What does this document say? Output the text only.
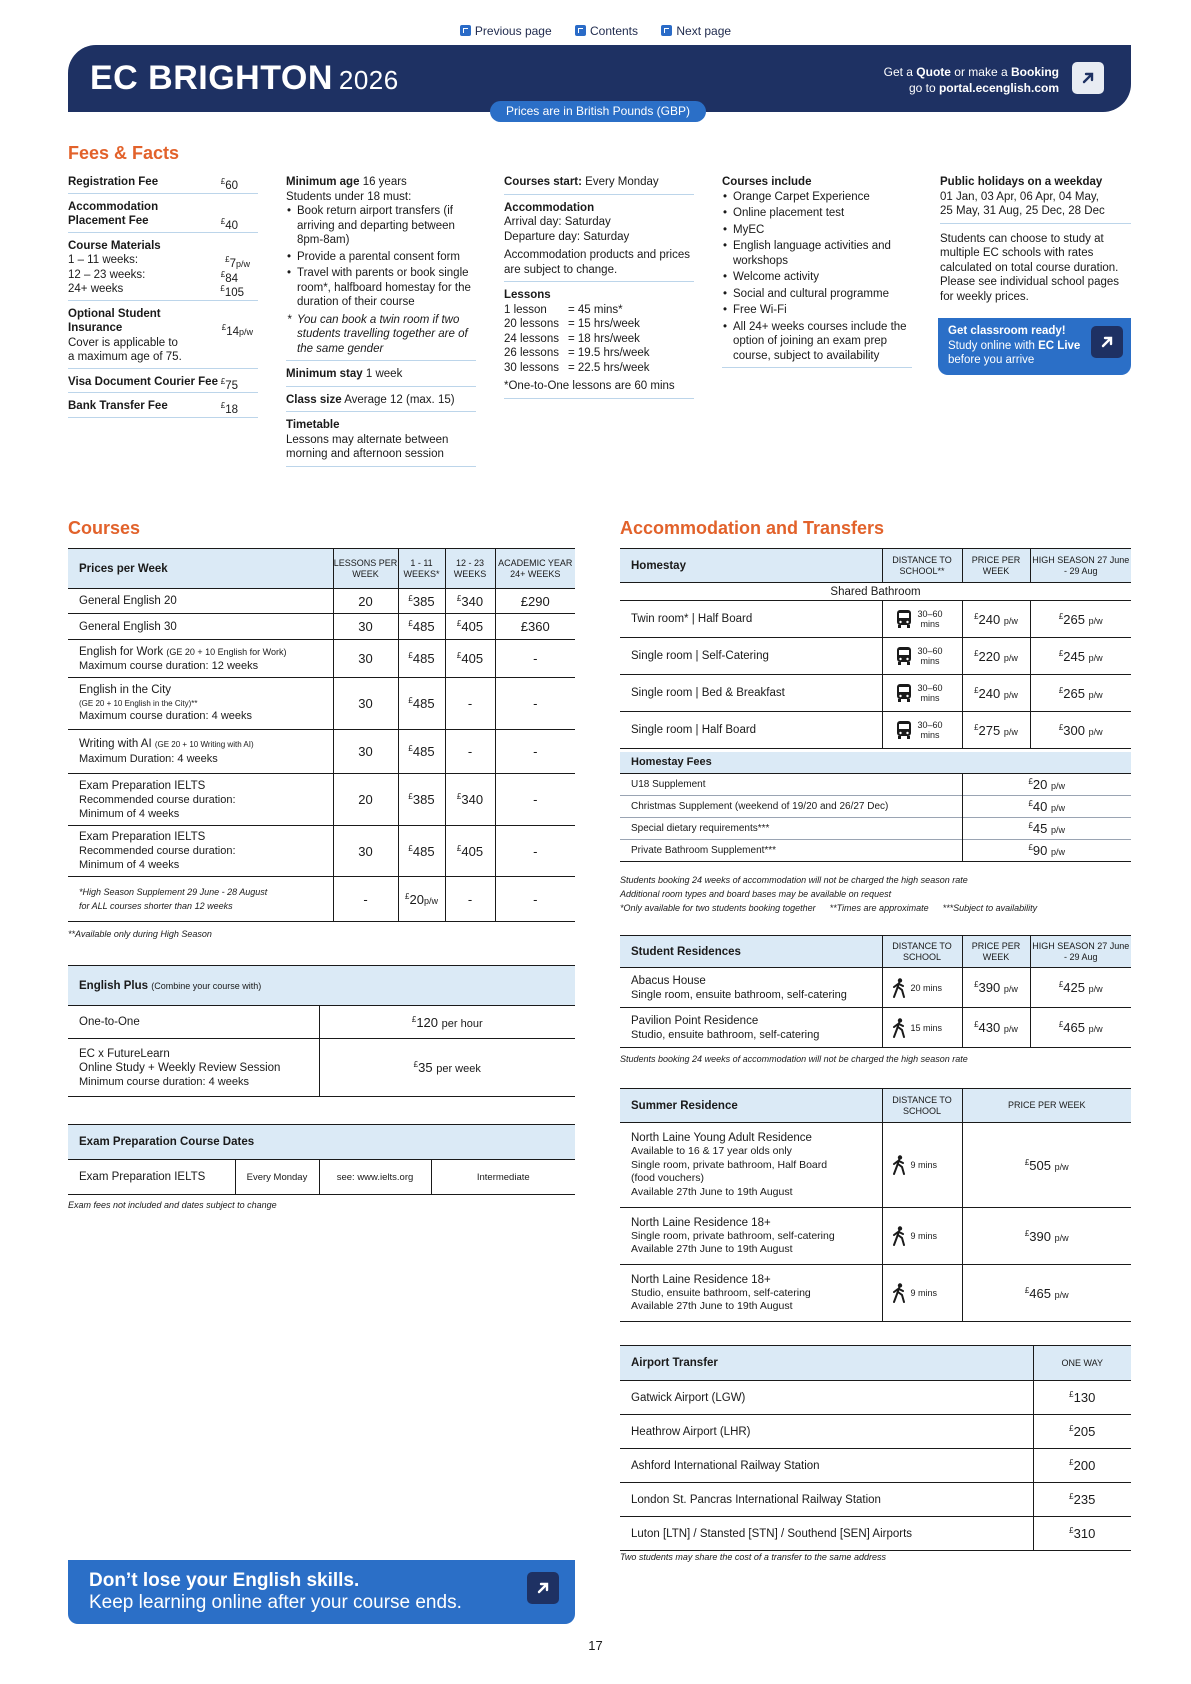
Previous page	Contents	Next page
EC BRIGHTON 2026	Get a Quote or make a Booking
go to portal.ecenglish.com
Prices are in British Pounds (GBP)
Fees & Facts
Registration Fee	£60
Accommodation
Placement Fee	£40
Course Materials
1 – 11 weeks:	£7p/w
12 – 23 weeks:	£84
24+ weeks	£105
Optional Student
Insurance	£14p/w

Cover is applicable to
a maximum age of 75.
Visa Document Courier Fee £75
Bank Transfer Fee	£18
Minimum age 16 years
Students under 18 must:
• Book return airport transfers (if arriving and departing between 8pm-8am)
• Provide a parental consent form
• Travel with parents or book single room*, halfboard homestay for the duration of their course
* You can book a twin room if two students travelling together are of the same gender
Minimum stay 1 week
Class size Average 12 (max. 15)
Timetable
Lessons may alternate between morning and afternoon session
Courses start: Every Monday
Accommodation
Arrival day: Saturday
Departure day: Saturday
Accommodation products and prices are subject to change.
Lessons
1 lesson = 45 mins*
20 lessons = 15 hrs/week
24 lessons = 18 hrs/week
26 lessons = 19.5 hrs/week
30 lessons = 22.5 hrs/week
*One-to-One lessons are 60 mins
Courses include
• Orange Carpet Experience
• Online placement test
• MyEC
• English language activities and workshops
• Welcome activity
• Social and cultural programme
• Free Wi-Fi
• All 24+ weeks courses include the option of joining an exam prep course, subject to availability
Public holidays on a weekday
01 Jan, 03 Apr, 06 Apr, 04 May,
25 May, 31 Aug, 25 Dec, 28 Dec
Students can choose to study at multiple EC schools with rates calculated on total course duration. Please see individual school pages for weekly prices.
Get classroom ready!
Study online with EC Live
before you arrive
Courses
Prices per Week	LESSONS PER WEEK	1 - 11 WEEKS*	12 - 23 WEEKS	ACADEMIC YEAR 24+ WEEKS
General English 20	20	£385	£340	£290
General English 30	30	£485	£405	£360
English for Work (GE 20 + 10 English for Work)
Maximum course duration: 12 weeks	30	£485	£405	-
English in the City
(GE 20 + 10 English in the City)**
Maximum course duration: 4 weeks	30	£485	-	-
Writing with AI (GE 20 + 10 Writing with AI)
Maximum Duration: 4 weeks	30	£485	-	-
Exam Preparation IELTS
Recommended course duration:
Minimum of 4 weeks	20	£385	£340	-
Exam Preparation IELTS
Recommended course duration:
Minimum of 4 weeks	30	£485	£405	-
*High Season Supplement 29 June - 28 August
for ALL courses shorter than 12 weeks	-	£20p/w	-	-
**Available only during High Season
English Plus (Combine your course with)	
One-to-One	£120 per hour
EC x FutureLearn
Online Study + Weekly Review Session
Minimum course duration: 4 weeks	£35 per week
Exam Preparation Course Dates
Exam Preparation IELTS	Every Monday	see: www.ielts.org	Intermediate
Exam fees not included and dates subject to change
Accommodation and Transfers
Homestay	DISTANCE TO SCHOOL**	PRICE PER WEEK	HIGH SEASON 27 June - 29 Aug
Shared Bathroom			
Twin room* | Half Board	30–60
mins	£240 p/w	£265 p/w
Single room | Self-Catering	30–60
mins	£220 p/w	£245 p/w
Single room | Bed & Breakfast	30–60
mins	£240 p/w	£265 p/w
Single room | Half Board	30–60
mins	£275 p/w	£300 p/w
Homestay Fees	
U18 Supplement	£20 p/w
Christmas Supplement (weekend of 19/20 and 26/27 Dec)	£40 p/w
Special dietary requirements***	£45 p/w
Private Bathroom Supplement***	£90 p/w
Students booking 24 weeks of accommodation will not be charged the high season rate
Additional room types and board bases may be available on request
*Only available for two students booking together **Times are approximate ***Subject to availability
Student Residences	DISTANCE TO SCHOOL	PRICE PER WEEK	HIGH SEASON 27 June - 29 Aug
Abacus House
Single room, ensuite bathroom, self-catering	20 mins	£390 p/w	£425 p/w
Pavilion Point Residence
Studio, ensuite bathroom, self-catering	15 mins	£430 p/w	£465 p/w
Students booking 24 weeks of accommodation will not be charged the high season rate
Summer Residence	DISTANCE TO SCHOOL	PRICE PER WEEK
North Laine Young Adult Residence
Available to 16 & 17 year olds only
Single room, private bathroom, Half Board
(food vouchers)
Available 27th June to 19th August	9 mins	£505 p/w
North Laine Residence 18+
Single room, private bathroom, self-catering
Available 27th June to 19th August	9 mins	£390 p/w
North Laine Residence 18+
Studio, ensuite bathroom, self-catering
Available 27th June to 19th August	9 mins	£465 p/w
Airport Transfer	ONE WAY
Gatwick Airport (LGW)	£130
Heathrow Airport (LHR)	£205
Ashford International Railway Station	£200
London St. Pancras International Railway Station	£235
Luton [LTN] / Stansted [STN] / Southend [SEN] Airports	£310
Two students may share the cost of a transfer to the same address
Don’t lose your English skills.
Keep learning online after your course ends.
17
